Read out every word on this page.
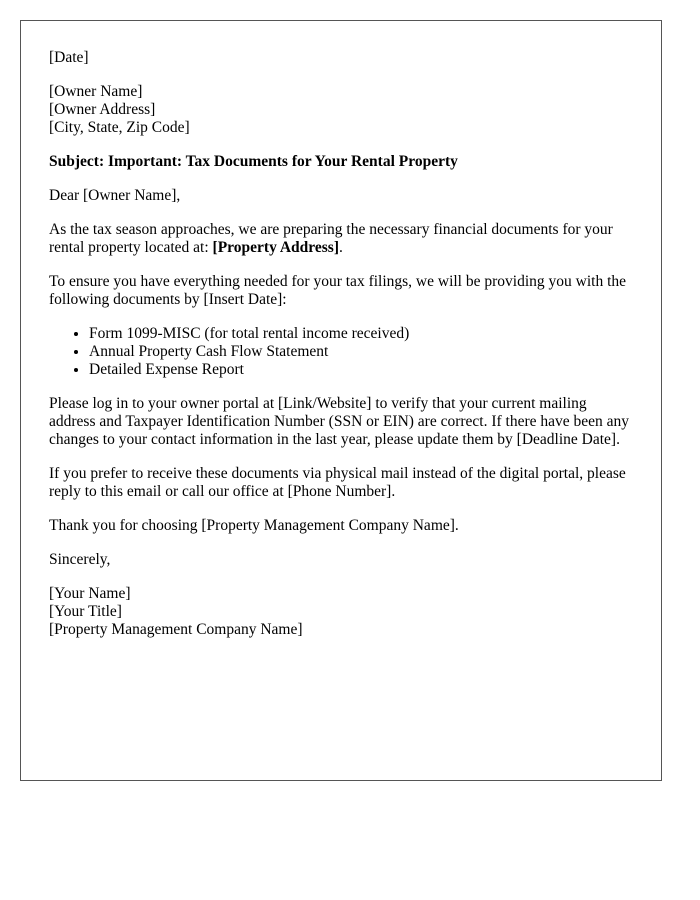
[Date]

[Owner Name]
[Owner Address]
[City, State, Zip Code]

Subject: Important: Tax Documents for Your Rental Property

Dear [Owner Name],

As the tax season approaches, we are preparing the necessary financial documents for your rental property located at: [Property Address].

To ensure you have everything needed for your tax filings, we will be providing you with the following documents by [Insert Date]:

• Form 1099-MISC (for total rental income received)
• Annual Property Cash Flow Statement
• Detailed Expense Report

Please log in to your owner portal at [Link/Website] to verify that your current mailing address and Taxpayer Identification Number (SSN or EIN) are correct. If there have been any changes to your contact information in the last year, please update them by [Deadline Date].

If you prefer to receive these documents via physical mail instead of the digital portal, please reply to this email or call our office at [Phone Number].

Thank you for choosing [Property Management Company Name].

Sincerely,

[Your Name]
[Your Title]
[Property Management Company Name]
